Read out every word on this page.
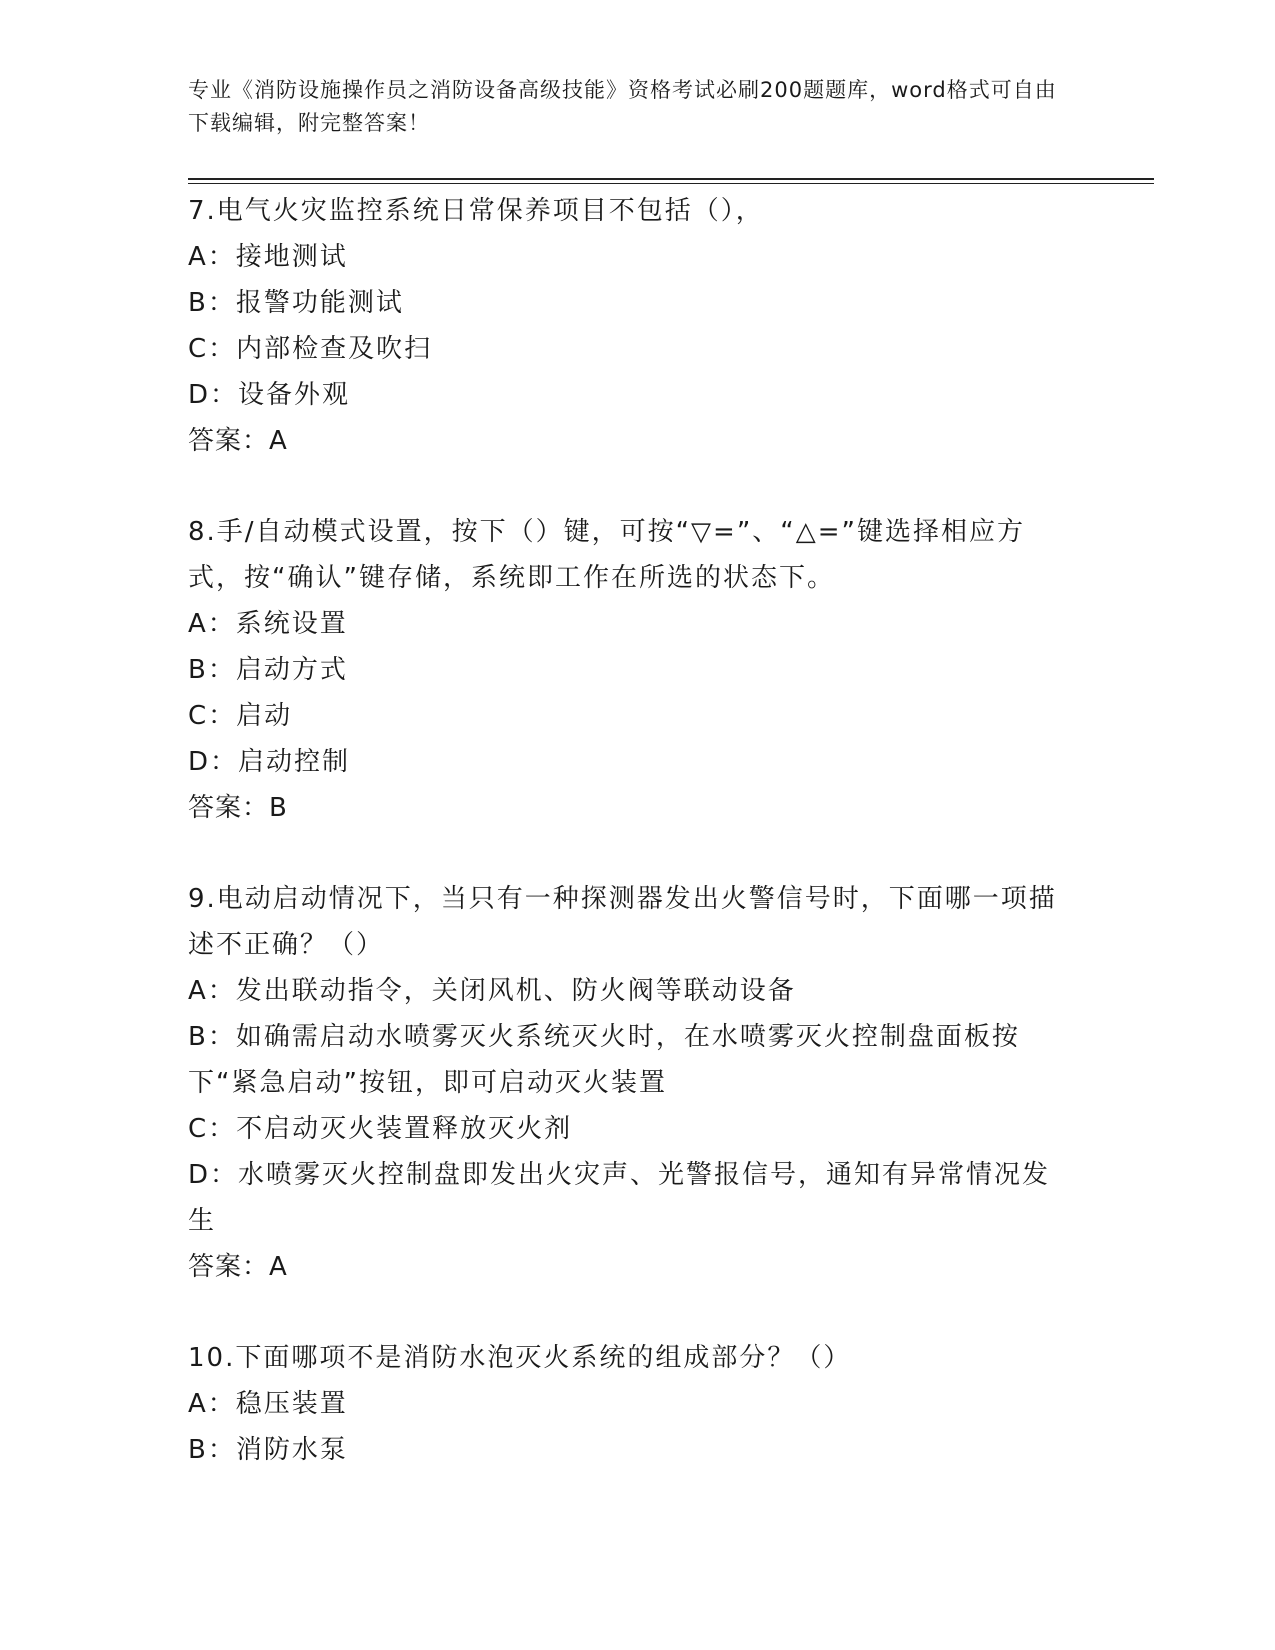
专业《消防设施操作员之消防设备高级技能》资格考试必刷200题题库，word格式可自由下载编辑，附完整答案！
7.电气火灾监控系统日常保养项目不包括（），
A：接地测试
B：报警功能测试
C：内部检查及吹扫
D：设备外观
答案：A
8.手/自动模式设置，按下（）键，可按“▽=”、“△=”键选择相应方式，按“确认”键存储，系统即工作在所选的状态下。
A：系统设置
B：启动方式
C：启动
D：启动控制
答案：B
9.电动启动情况下，当只有一种探测器发出火警信号时，下面哪一项描述不正确？（）
A：发出联动指令，关闭风机、防火阀等联动设备
B：如确需启动水喷雾灭火系统灭火时，在水喷雾灭火控制盘面板按下“紧急启动”按钮，即可启动灭火装置
C：不启动灭火装置释放灭火剂
D：水喷雾灭火控制盘即发出火灾声、光警报信号，通知有异常情况发生
答案：A
10.下面哪项不是消防水泡灭火系统的组成部分？（）
A：稳压装置
B：消防水泵
